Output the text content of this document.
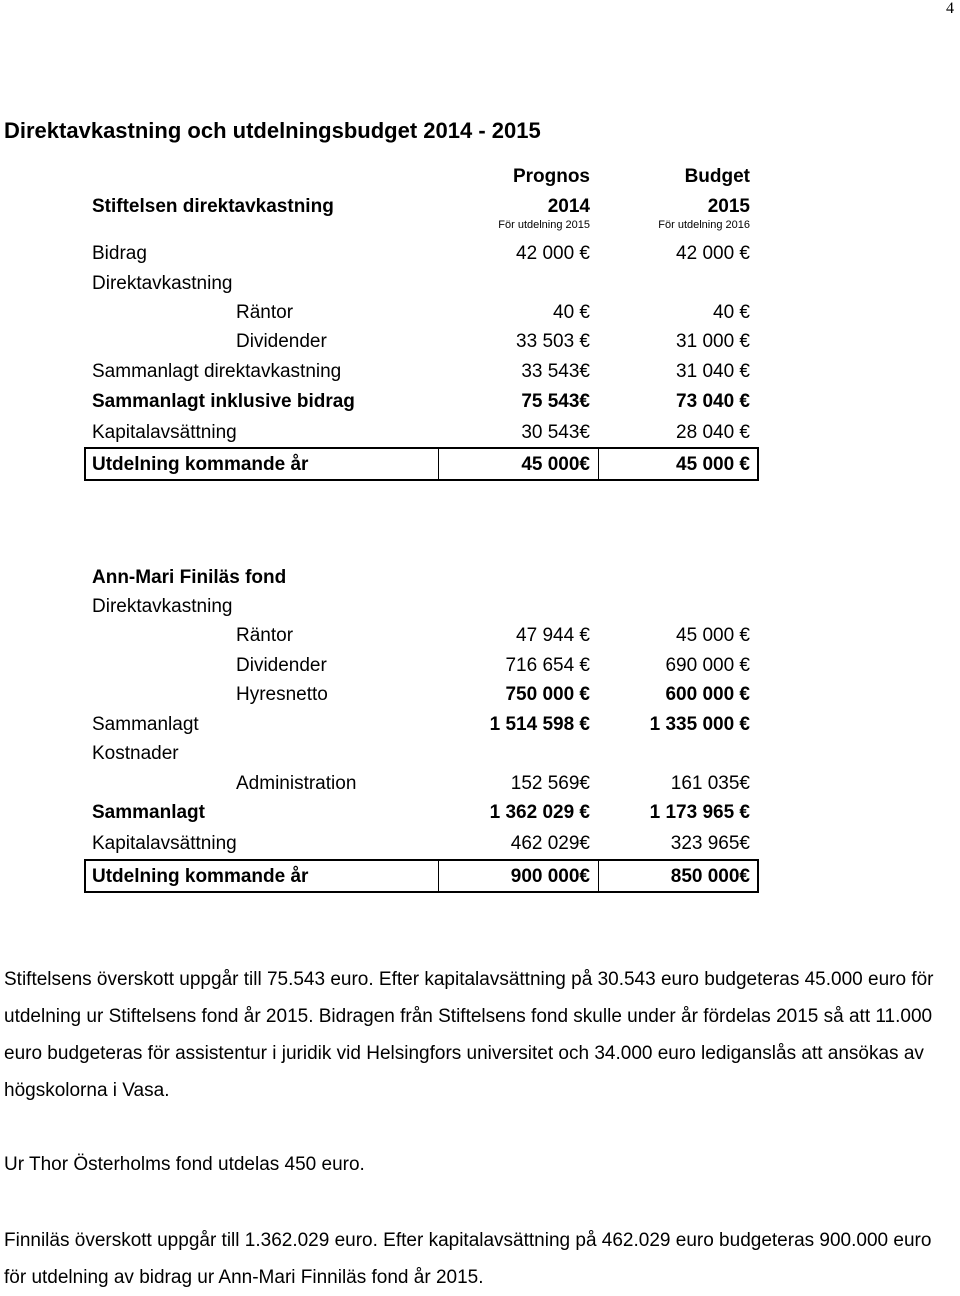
4
Direktavkastning och utdelningsbudget 2014 - 2015
Prognos	Budget
Stiftelsen direktavkastning	2014	2015
För utdelning 2015	För utdelning 2016
Bidrag	42 000 €	42 000 €
Direktavkastning
Räntor	40 €	40 €
Dividender	33 503 €	31 000 €
Sammanlagt direktavkastning	33 543€	31 040 €
Sammanlagt inklusive bidrag	75 543€	73 040 €
Kapitalavsättning	30 543€	28 040 €
Utdelning kommande år	45 000€	45 000 €
Ann-Mari Finiläs fond
Direktavkastning
Räntor	47 944 €	45 000 €
Dividender	716 654 €	690 000 €
Hyresnetto	750 000 €	600 000 €
Sammanlagt	1 514 598 €	1 335 000 €
Kostnader
Administration	152 569€	161 035€
Sammanlagt	1 362 029 €	1 173 965 €
Kapitalavsättning	462 029€	323 965€
Utdelning kommande år	900 000€	850 000€
Stiftelsens överskott uppgår till 75.543 euro. Efter kapitalavsättning på 30.543 euro budgeteras 45.000 euro för utdelning ur Stiftelsens fond år 2015. Bidragen från Stiftelsens fond skulle under år fördelas 2015 så att 11.000 euro budgeteras för assistentur i juridik vid Helsingfors universitet och 34.000 euro lediganslås att ansökas av högskolorna i Vasa.
Ur Thor Österholms fond utdelas 450 euro.
Finniläs överskott uppgår till 1.362.029 euro. Efter kapitalavsättning på 462.029 euro budgeteras 900.000 euro för utdelning av bidrag ur Ann-Mari Finniläs fond år 2015.
